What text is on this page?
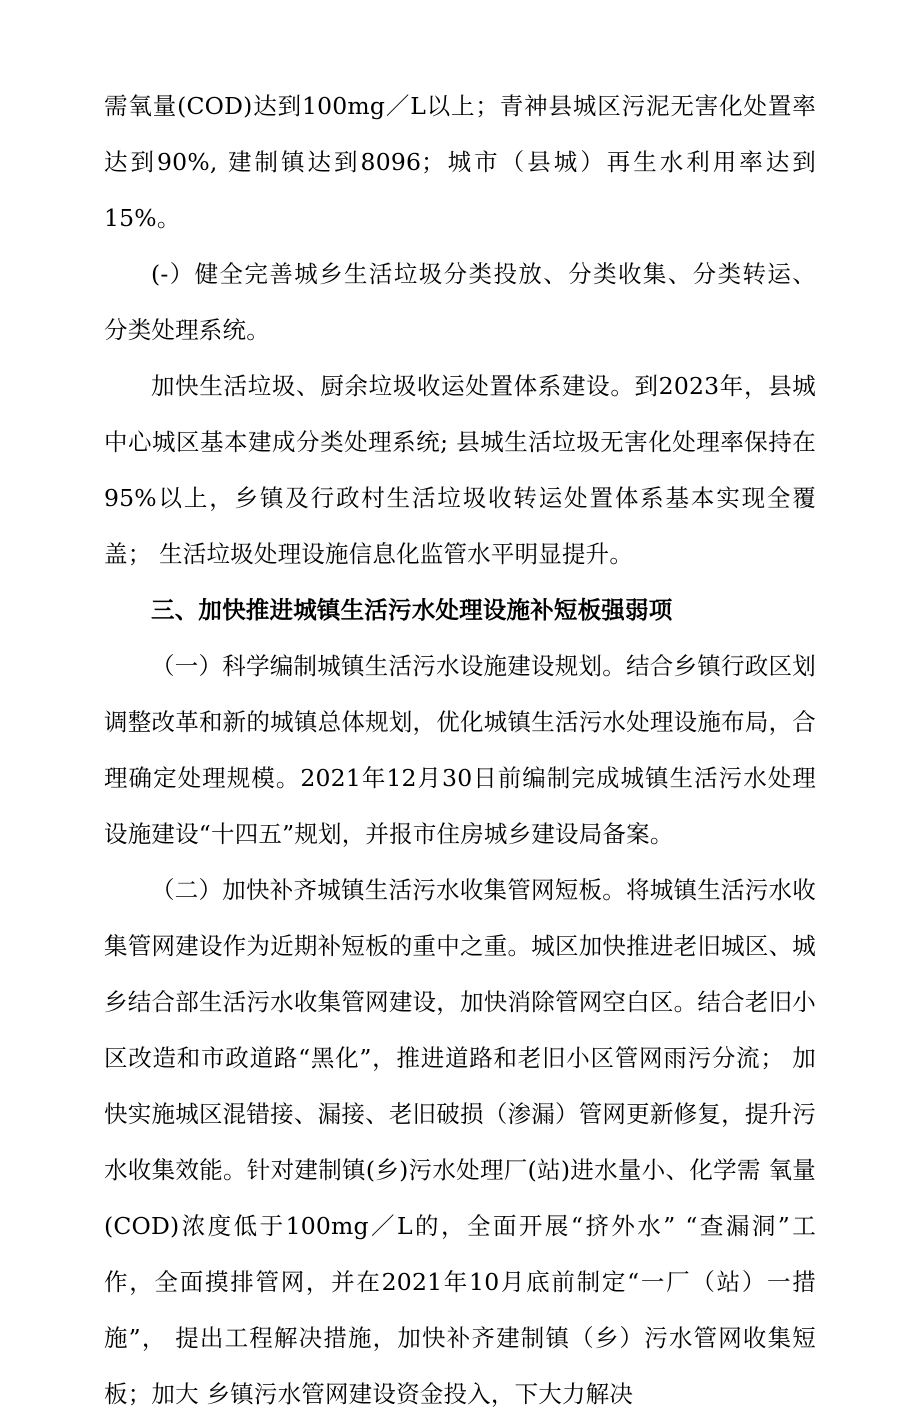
需氧量(COD)达到100mg／L以上；青神县城区污泥无害化处置率 达到90%, 建制镇达到8096；城市（县城）再生水利用率达到15%。

(-）健全完善城乡生活垃圾分类投放、分类收集、分类转运、 分类处理系统。

加快生活垃圾、厨余垃圾收运处置体系建设。到2023年，县城 中心城区基本建成分类处理系统; 县城生活垃圾无害化处理率保持在 95%以上，乡镇及行政村生活垃圾收转运处置体系基本实现全覆盖； 生活垃圾处理设施信息化监管水平明显提升。

三、加快推进城镇生活污水处理设施补短板强弱项

（一）科学编制城镇生活污水设施建设规划。结合乡镇行政区划 调整改革和新的城镇总体规划，优化城镇生活污水处理设施布局，合 理确定处理规模。2021年12月30日前编制完成城镇生活污水处理 设施建设“十四五”规划，并报市住房城乡建设局备案。

（二）加快补齐城镇生活污水收集管网短板。将城镇生活污水收 集管网建设作为近期补短板的重中之重。城区加快推进老旧城区、城 乡结合部生活污水收集管网建设，加快消除管网空白区。结合老旧小 区改造和市政道路“黑化”，推进道路和老旧小区管网雨污分流； 加 快实施城区混错接、漏接、老旧破损（渗漏）管网更新修复，提升污 水收集效能。针对建制镇(乡)污水处理厂(站)进水量小、化学需 氧量(COD)浓度低于100mg／L的，全面开展“挤外水” “查漏洞”工 作，全面摸排管网，并在2021年10月底前制定“一厂（站）一措施”， 提出工程解决措施，加快补齐建制镇（乡）污水管网收集短板；加大 乡镇污水管网建设资金投入，下大力解决
